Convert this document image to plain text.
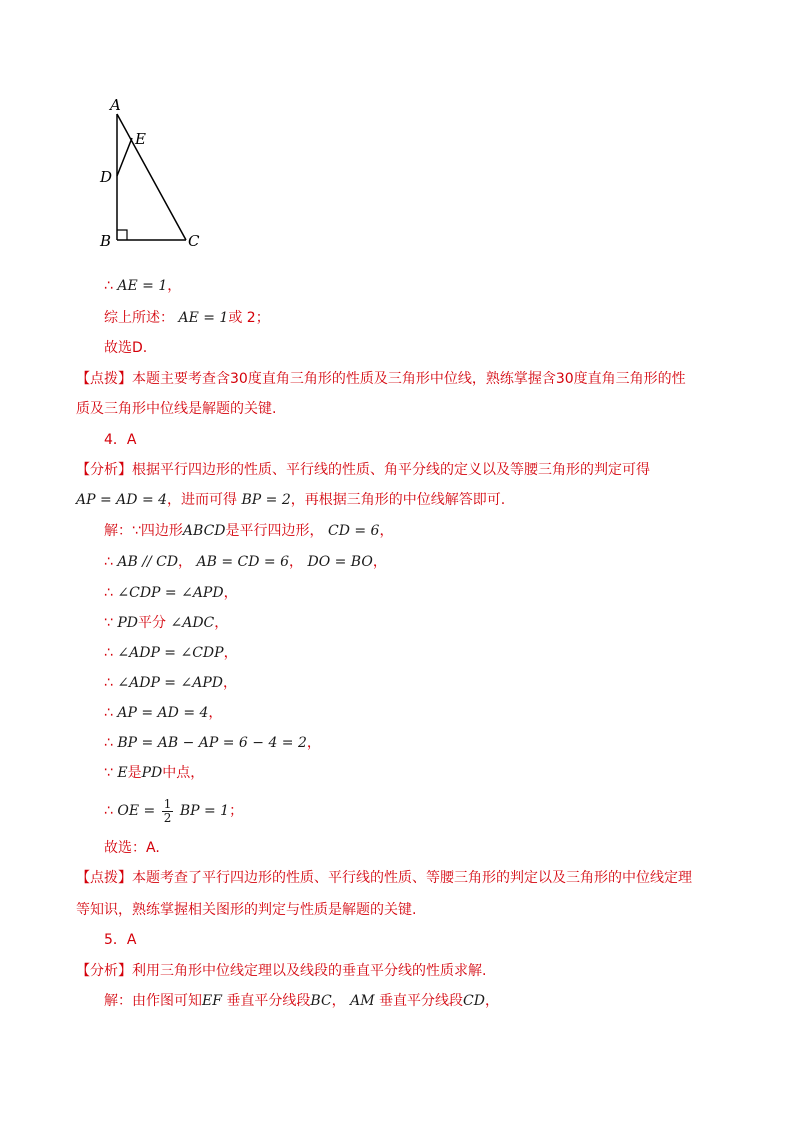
A
E
D
B	C
∴ AE = 1，
综上所述： AE = 1或 2；
故选D.
【点拨】本题主要考查含30度直角三角形的性质及三角形中位线，熟练掌握含30度直角三角形的性
质及三角形中位线是解题的关键.
4．A
【分析】根据平行四边形的性质、平行线的性质、角平分线的定义以及等腰三角形的判定可得
AP = AD = 4，进而可得 BP = 2，再根据三角形的中位线解答即可.
解：∵四边形ABCD是平行四边形， CD = 6，
∴ AB // CD， AB = CD = 6， DO = BO，
∴ ∠CDP = ∠APD，
∵ PD平分 ∠ADC，
∴ ∠ADP = ∠CDP，
∴ ∠ADP = ∠APD，
∴ AP = AD = 4，
∴ BP = AB − AP = 6 − 4 = 2，
∵ E是PD中点，
∴ OE = $\frac{1}{2}$ BP = 1；
故选：A.
【点拨】本题考查了平行四边形的性质、平行线的性质、等腰三角形的判定以及三角形的中位线定理
等知识，熟练掌握相关图形的判定与性质是解题的关键.
5．A
【分析】利用三角形中位线定理以及线段的垂直平分线的性质求解.
解：由作图可知EF 垂直平分线段BC， AM 垂直平分线段CD，
